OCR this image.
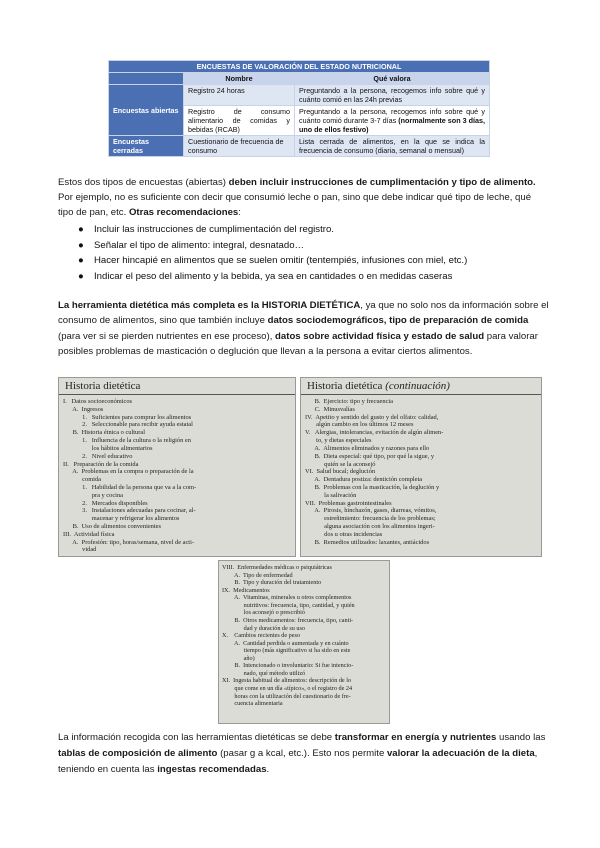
ENCUESTAS DE VALORACIÓN DEL ESTADO NUTRICIONAL		
	Nombre	Qué valora
Encuestas abiertas	Registro 24 horas	Preguntando a la persona, recogemos info sobre qué y cuánto comió en las 24h previas
	Registro de consumo alimentario de comidas y bebidas (RCAB)	Preguntando a la persona, recogemos info sobre qué y cuánto comió durante 3-7 días (normalmente son 3 días, uno de ellos festivo)
Encuestas cerradas	Cuestionario de frecuencia de consumo	Lista cerrada de alimentos, en la que se indica la frecuencia de consumo (diaria, semanal o mensual)
Estos dos tipos de encuestas (abiertas) deben incluir instrucciones de cumplimentación y tipo de alimento. Por ejemplo, no es suficiente con decir que consumió leche o pan, sino que debe indicar qué tipo de leche, qué tipo de pan, etc. Otras recomendaciones:
● Incluir las instrucciones de cumplimentación del registro.
● Señalar el tipo de alimento: integral, desnatado…
● Hacer hincapié en alimentos que se suelen omitir (tentempiés, infusiones con miel, etc.)
● Indicar el peso del alimento y la bebida, ya sea en cantidades o en medidas caseras
La herramienta dietética más completa es la HISTORIA DIETÉTICA, ya que no solo nos da información sobre el consumo de alimentos, sino que también incluye datos sociodemográficos, tipo de preparación de comida (para ver si se pierden nutrientes en ese proceso), datos sobre actividad física y estado de salud para valorar posibles problemas de masticación o deglución que llevan a la persona a evitar ciertos alimentos.
Historia dietética
I.   Datos socioeconómicos
A.  Ingresos
1.   Suficientes para comprar los alimentos
2.   Seleccionable para recibir ayuda estatal
B.  Historia étnica o cultural
1.   Influencia de la cultura o la religión en
los hábitos alimentarios
2.   Nivel educativo
II.   Preparación de la comida
A.  Problemas en la compra o preparación de la
comida
1.   Habilidad de la persona que va a la com-
pra y cocina
2.   Mercados disponibles
3.   Instalaciones adecuadas para cocinar, al-
macenar y refrigerar los alimentos
B.  Uso de alimentos convenientes
III.  Actividad física
A.  Profesión: tipo, horas/semana, nivel de acti-
vidad
Historia dietética (continuación)
B.  Ejercicio: tipo y frecuencia
C.  Minusvalías
IV.  Apetito y sentido del gusto y del olfato: calidad,
algún cambio en los últimos 12 meses
V.   Alergias, intolerancias, evitación de algún alimen-
to, y dietas especiales
A.  Alimentos eliminados y razones para ello
B.  Dieta especial: qué tipo, por qué la sigue, y
quién se la aconsejó
VI.  Salud bucal; deglución
A.  Dentadura postiza: dentición completa
B.  Problemas con la masticación, la deglución y
la salivación
VII.  Problemas gastrointestinales
A.  Pirosis, hinchazón, gases, diarreas, vómitos,
estreñimiento: frecuencia de los problemas;
alguna asociación con los alimentos ingeri-
dos u otras incidencias
B.  Remedios utilizados: laxantes, antiácidos
VIII.  Enfermedades médicas o psiquiátricas
A.  Tipo de enfermedad
B.  Tipo y duración del tratamiento
IX.  Medicamentos
A.  Vitaminas, minerales u otros complementos
nutritivos: frecuencia, tipo, cantidad, y quién
los aconsejó o prescribió
B.  Otros medicamentos: frecuencia, tipo, canti-
dad y duración de su uso
X.    Cambios recientes de peso
A.  Cantidad perdida o aumentada y en cuánto
tiempo (más significativo si ha sido en este
año)
B.  Intencionado o involuntario: Si fue intencio-
nado, qué método utilizó
XI.  Ingesta habitual de alimentos: descripción de lo
que come en un día «típico», o el registro de 24
horas con la utilización del cuestionario de fre-
cuencia alimentaria
La información recogida con las herramientas dietéticas se debe transformar en energía y nutrientes usando las tablas de composición de alimento (pasar g a kcal, etc.). Esto nos permite valorar la adecuación de la dieta, teniendo en cuenta las ingestas recomendadas.
